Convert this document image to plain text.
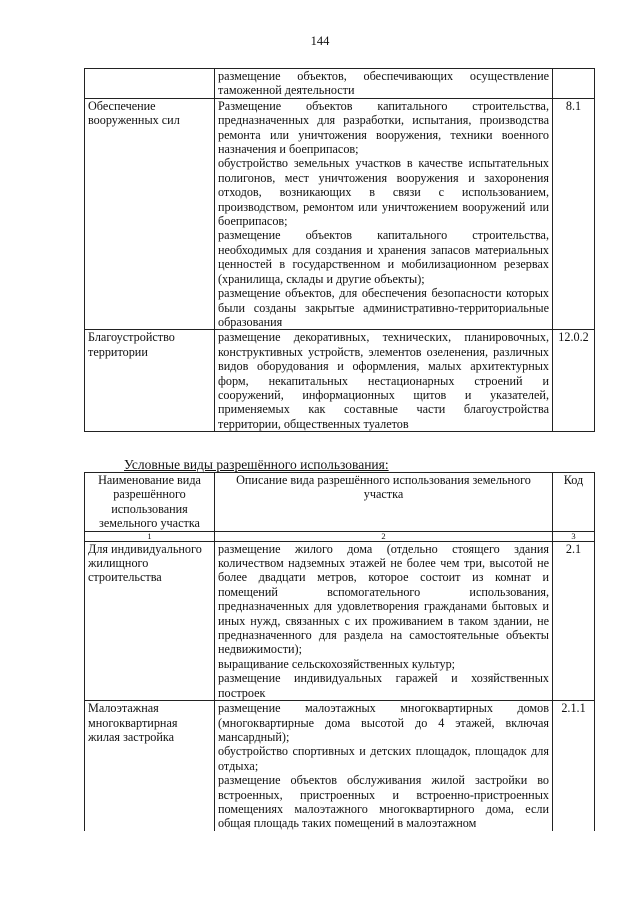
144

	размещение объектов, обеспечивающих осуществление таможенной деятельности	

Обеспечение вооруженных сил	Размещение объектов капитального строительства, предназначенных для разработки, испытания, производства ремонта или уничтожения вооружения, техники военного назначения и боеприпасов;
обустройство земельных участков в качестве испытательных полигонов, мест уничтожения вооружения и захоронения отходов, возникающих в связи с использованием, производством, ремонтом или уничтожением вооружений или боеприпасов;
размещение объектов капитального строительства, необходимых для создания и хранения запасов материальных ценностей в государственном и мобилизационном резервах (хранилища, склады и другие объекты);
размещение объектов, для обеспечения безопасности которых были созданы закрытые административно-территориальные образования	8.1
Благоустройство территории	размещение декоративных, технических, планировочных, конструктивных устройств, элементов озеленения, различных видов оборудования и оформления, малых архитектурных форм, некапитальных нестационарных строений и сооружений, информационных щитов и указателей, применяемых как составные части благоустройства территории, общественных туалетов	12.0.2
Условные виды разрешённого использования:
Наименование вида разрешённого использования земельного участка	Описание вида разрешённого использования земельного участка	Код
1	2	3
Для индивидуального жилищного строительства	размещение жилого дома (отдельно стоящего здания количеством надземных этажей не более чем три, высотой не более двадцати метров, которое состоит из комнат и помещений вспомогательного использования, предназначенных для удовлетворения гражданами бытовых и иных нужд, связанных с их проживанием в таком здании, не предназначенного для раздела на самостоятельные объекты недвижимости);
выращивание сельскохозяйственных культур;
размещение индивидуальных гаражей и хозяйственных построек	2.1
Малоэтажная многоквартирная жилая застройка	размещение малоэтажных многоквартирных домов (многоквартирные дома высотой до 4 этажей, включая мансардный);
обустройство спортивных и детских площадок, площадок для отдыха;
размещение объектов обслуживания жилой застройки во встроенных, пристроенных и встроенно-пристроенных помещениях малоэтажного многоквартирного дома, если общая площадь таких помещений в малоэтажном	2.1.1
